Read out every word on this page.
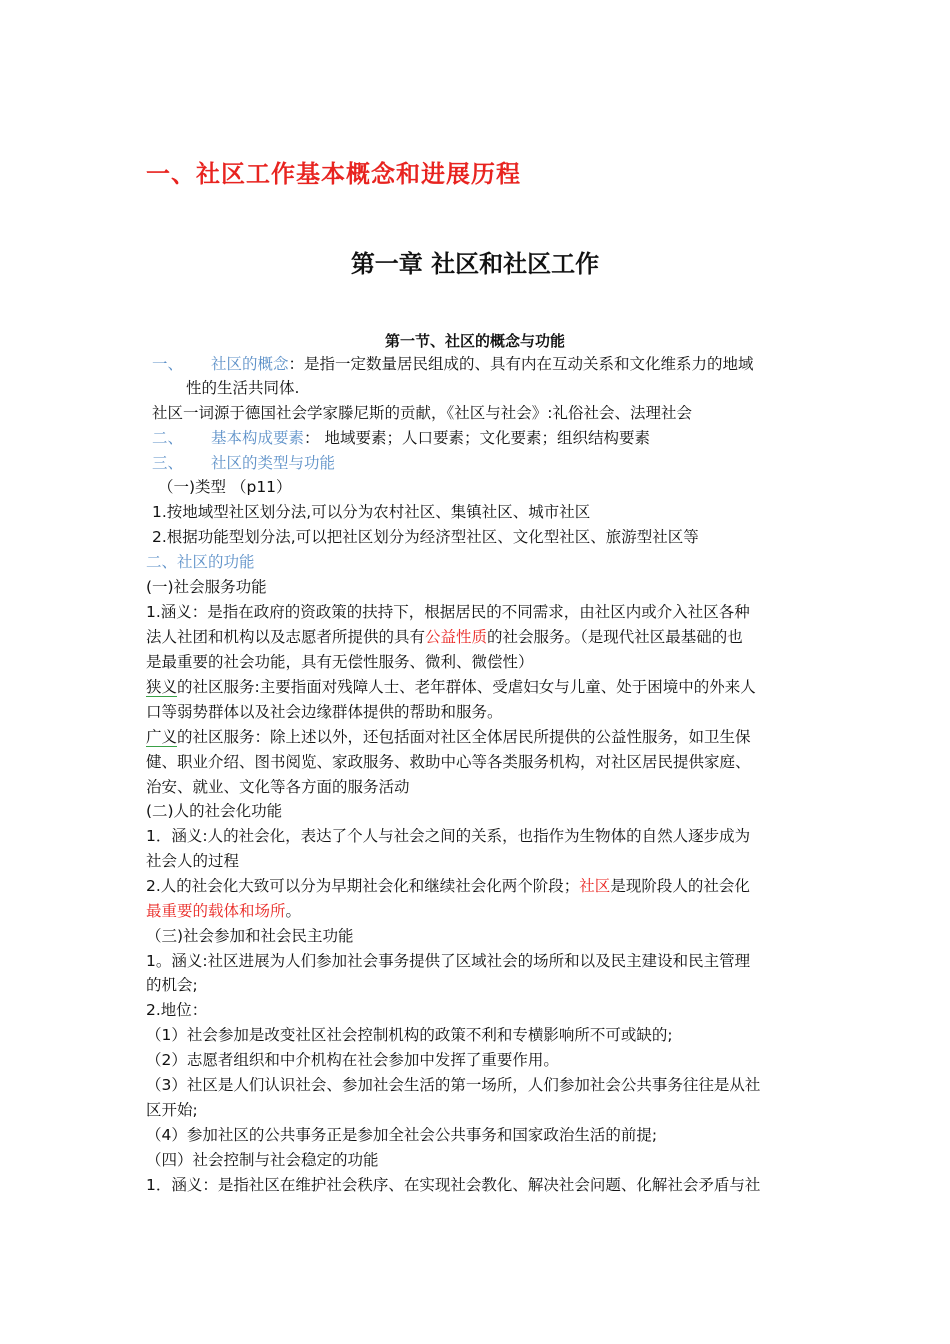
一、社区工作基本概念和进展历程
第一章 社区和社区工作
第一节、社区的概念与功能
一、 社区的概念：是指一定数量居民组成的、具有内在互动关系和文化维系力的地域
性的生活共同体.
社区一词源于德国社会学家滕尼斯的贡献，《社区与社会》:礼俗社会、法理社会
二、 基本构成要素： 地域要素；人口要素；文化要素；组织结构要素
三、 社区的类型与功能
（一)类型 （p11）
1.按地域型社区划分法,可以分为农村社区、集镇社区、城市社区
2.根据功能型划分法,可以把社区划分为经济型社区、文化型社区、旅游型社区等
二、社区的功能
(一)社会服务功能
1.涵义：是指在政府的资政策的扶持下，根据居民的不同需求，由社区内或介入社区各种
法人社团和机构以及志愿者所提供的具有公益性质的社会服务。（是现代社区最基础的也
是最重要的社会功能，具有无偿性服务、微利、微偿性）
狭义的社区服务:主要指面对残障人士、老年群体、受虐妇女与儿童、处于困境中的外来人
口等弱势群体以及社会边缘群体提供的帮助和服务。
广义的社区服务：除上述以外，还包括面对社区全体居民所提供的公益性服务，如卫生保
健、职业介绍、图书阅览、家政服务、救助中心等各类服务机构，对社区居民提供家庭、
治安、就业、文化等各方面的服务活动
(二)人的社会化功能
1．涵义:人的社会化，表达了个人与社会之间的关系，也指作为生物体的自然人逐步成为
社会人的过程
2.人的社会化大致可以分为早期社会化和继续社会化两个阶段；社区是现阶段人的社会化
最重要的载体和场所。
（三)社会参加和社会民主功能
1。涵义:社区进展为人们参加社会事务提供了区域社会的场所和以及民主建设和民主管理
的机会;
2.地位：
（1）社会参加是改变社区社会控制机构的政策不利和专横影响所不可或缺的;
（2）志愿者组织和中介机构在社会参加中发挥了重要作用。
（3）社区是人们认识社会、参加社会生活的第一场所，人们参加社会公共事务往往是从社
区开始;
（4）参加社区的公共事务正是参加全社会公共事务和国家政治生活的前提;
（四）社会控制与社会稳定的功能
1．涵义：是指社区在维护社会秩序、在实现社会教化、解决社会问题、化解社会矛盾与社
